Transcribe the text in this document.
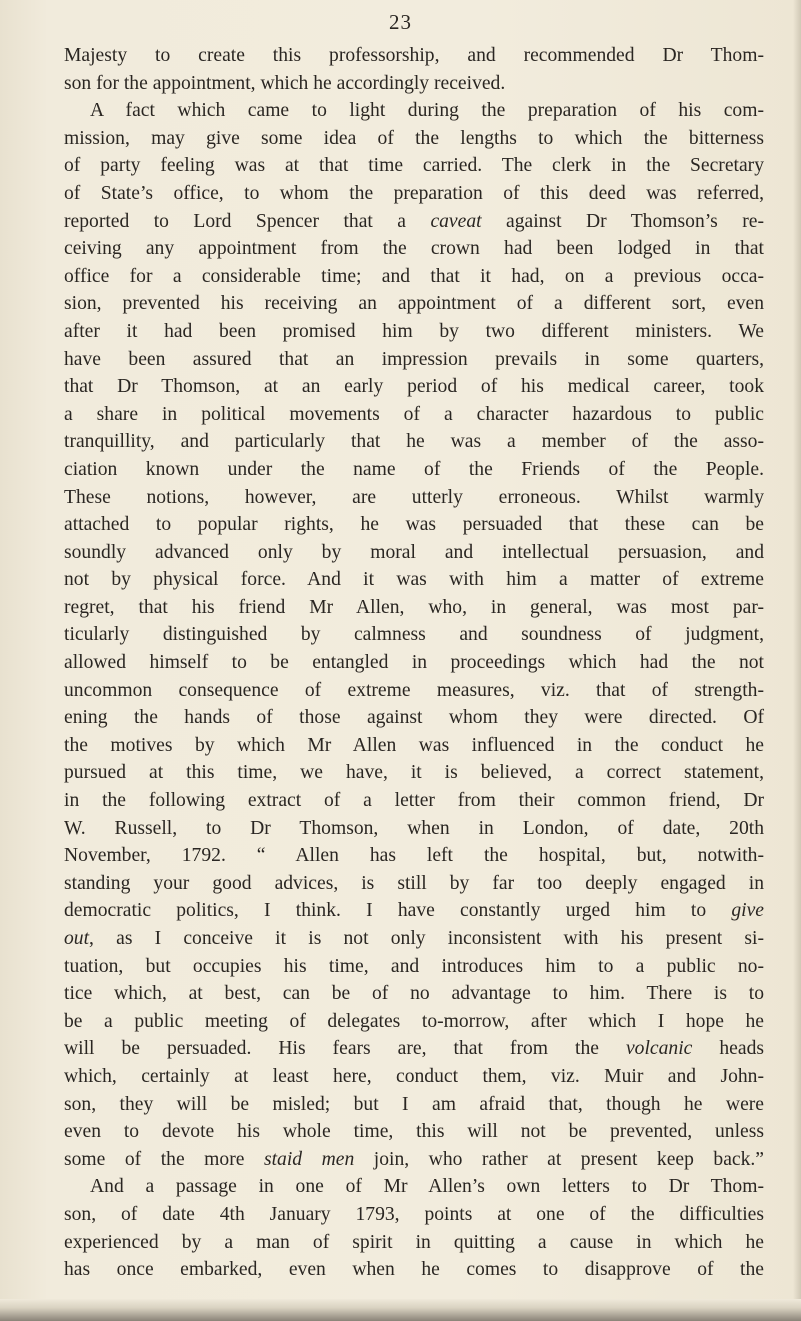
23
Majesty to create this professorship, and recommended Dr Thom-
son for the appointment, which he accordingly received.
A fact which came to light during the preparation of his com-
mission, may give some idea of the lengths to which the bitterness
of party feeling was at that time carried. The clerk in the Secretary
of State’s office, to whom the preparation of this deed was referred,
reported to Lord Spencer that a caveat against Dr Thomson’s re-
ceiving any appointment from the crown had been lodged in that
office for a considerable time; and that it had, on a previous occa-
sion, prevented his receiving an appointment of a different sort, even
after it had been promised him by two different ministers. We
have been assured that an impression prevails in some quarters,
that Dr Thomson, at an early period of his medical career, took
a share in political movements of a character hazardous to public
tranquillity, and particularly that he was a member of the asso-
ciation known under the name of the Friends of the People.
These notions, however, are utterly erroneous. Whilst warmly
attached to popular rights, he was persuaded that these can be
soundly advanced only by moral and intellectual persuasion, and
not by physical force. And it was with him a matter of extreme
regret, that his friend Mr Allen, who, in general, was most par-
ticularly distinguished by calmness and soundness of judgment,
allowed himself to be entangled in proceedings which had the not
uncommon consequence of extreme measures, viz. that of strength-
ening the hands of those against whom they were directed. Of
the motives by which Mr Allen was influenced in the conduct he
pursued at this time, we have, it is believed, a correct statement,
in the following extract of a letter from their common friend, Dr
W. Russell, to Dr Thomson, when in London, of date, 20th
November, 1792. “ Allen has left the hospital, but, notwith-
standing your good advices, is still by far too deeply engaged in
democratic politics, I think. I have constantly urged him to give
out, as I conceive it is not only inconsistent with his present si-
tuation, but occupies his time, and introduces him to a public no-
tice which, at best, can be of no advantage to him. There is to
be a public meeting of delegates to-morrow, after which I hope he
will be persuaded. His fears are, that from the volcanic heads
which, certainly at least here, conduct them, viz. Muir and John-
son, they will be misled; but I am afraid that, though he were
even to devote his whole time, this will not be prevented, unless
some of the more staid men join, who rather at present keep back.”
And a passage in one of Mr Allen’s own letters to Dr Thom-
son, of date 4th January 1793, points at one of the difficulties
experienced by a man of spirit in quitting a cause in which he
has once embarked, even when he comes to disapprove of the
